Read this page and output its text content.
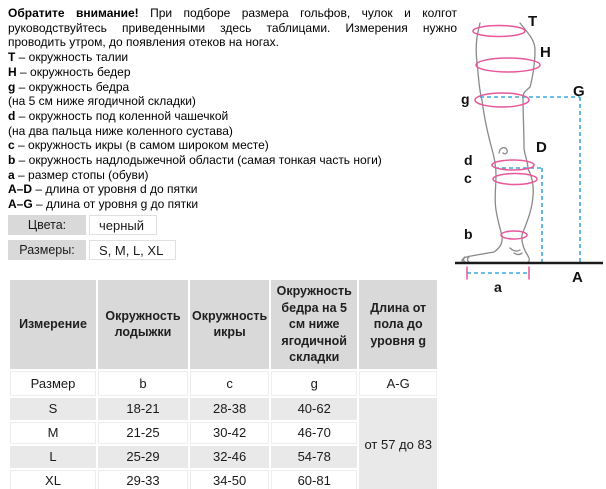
Обратите внимание! При подборе размера гольфов, чулок и колгот руководствуйтесь приведенными здесь таблицами. Измерения нужно проводить утром, до появления отеков на ногах.

T – окружность талии
H – окружность бедер
g – окружность бедра
(на 5 см ниже ягодичной складки)
d – окружность под коленной чашечкой
(на два пальца ниже коленного сустава)
c – окружность икры (в самом широком месте)
b – окружность надлодыжечной области (самая тонкая часть ноги)
a – размер стопы (обуви)
A–D – длина от уровня d до пятки
A–G – длина от уровня g до пятки
Цвета:	черный
Размеры:	S, M, L, XL
Измерение	Окружность лодыжки	Окружность икры	Окружность бедра на 5 см ниже ягодичной складки	Длина от пола до уровня g
Размер	b	c	g	A-G
S	18-21	28-38	40-62	от 57 до 83
M	21-25	30-42	46-70	
L	25-29	32-46	54-78	
XL	29-33	34-50	60-81	
T
H
G
g
D
d
c
b
a
A
